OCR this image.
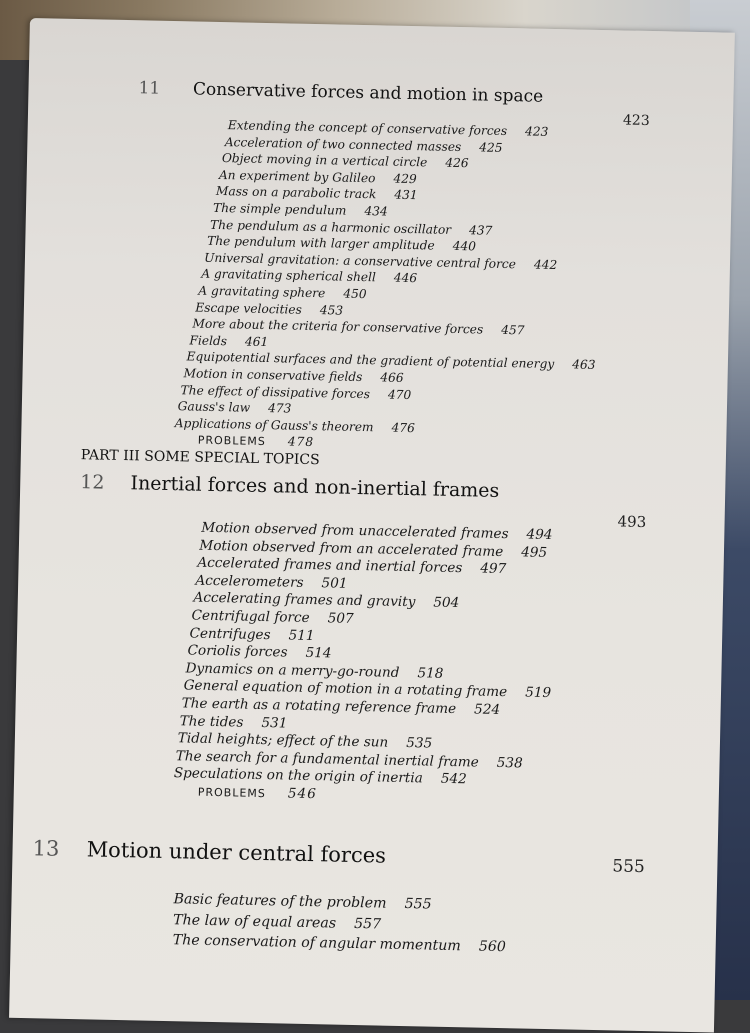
11 Conservative forces and motion in space
423
Extending the concept of conservative forces 423
Acceleration of two connected masses 425
Object moving in a vertical circle 426
An experiment by Galileo 429
Mass on a parabolic track 431
The simple pendulum 434
The pendulum as a harmonic oscillator 437
The pendulum with larger amplitude 440
Universal gravitation: a conservative central force 442
A gravitating spherical shell 446
A gravitating sphere 450
Escape velocities 453
More about the criteria for conservative forces 457
Fields 461
Equipotential surfaces and the gradient of potential energy 463
Motion in conservative fields 466
The effect of dissipative forces 470
Gauss's law 473
Applications of Gauss's theorem 476
PROBLEMS 478
PART III SOME SPECIAL TOPICS
12 Inertial forces and non-inertial frames
493
Motion observed from unaccelerated frames 494
Motion observed from an accelerated frame 495
Accelerated frames and inertial forces 497
Accelerometers 501
Accelerating frames and gravity 504
Centrifugal force 507
Centrifuges 511
Coriolis forces 514
Dynamics on a merry-go-round 518
General equation of motion in a rotating frame 519
The earth as a rotating reference frame 524
The tides 531
Tidal heights; effect of the sun 535
The search for a fundamental inertial frame 538
Speculations on the origin of inertia 542
PROBLEMS 546
13 Motion under central forces	555
Basic features of the problem 555
The law of equal areas 557
The conservation of angular momentum 560
